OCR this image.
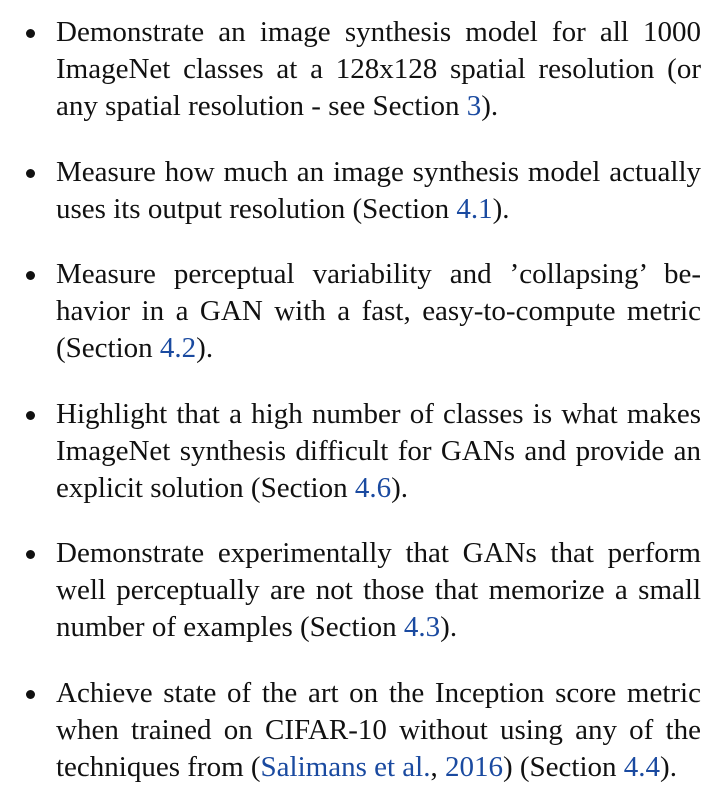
Demonstrate an image synthesis model for all 1000 ImageNet classes at a 128x128 spatial resolution (or any spatial resolution - see Section 3).
Measure how much an image synthesis model actually uses its output resolution (Section 4.1).
Measure perceptual variability and ’collapsing’ be-havior in a GAN with a fast, easy-to-compute metric (Section 4.2).
Highlight that a high number of classes is what makes ImageNet synthesis difficult for GANs and provide an explicit solution (Section 4.6).
Demonstrate experimentally that GANs that perform well perceptually are not those that memorize a small number of examples (Section 4.3).
Achieve state of the art on the Inception score metric when trained on CIFAR-10 without using any of the techniques from (Salimans et al., 2016) (Section 4.4).
